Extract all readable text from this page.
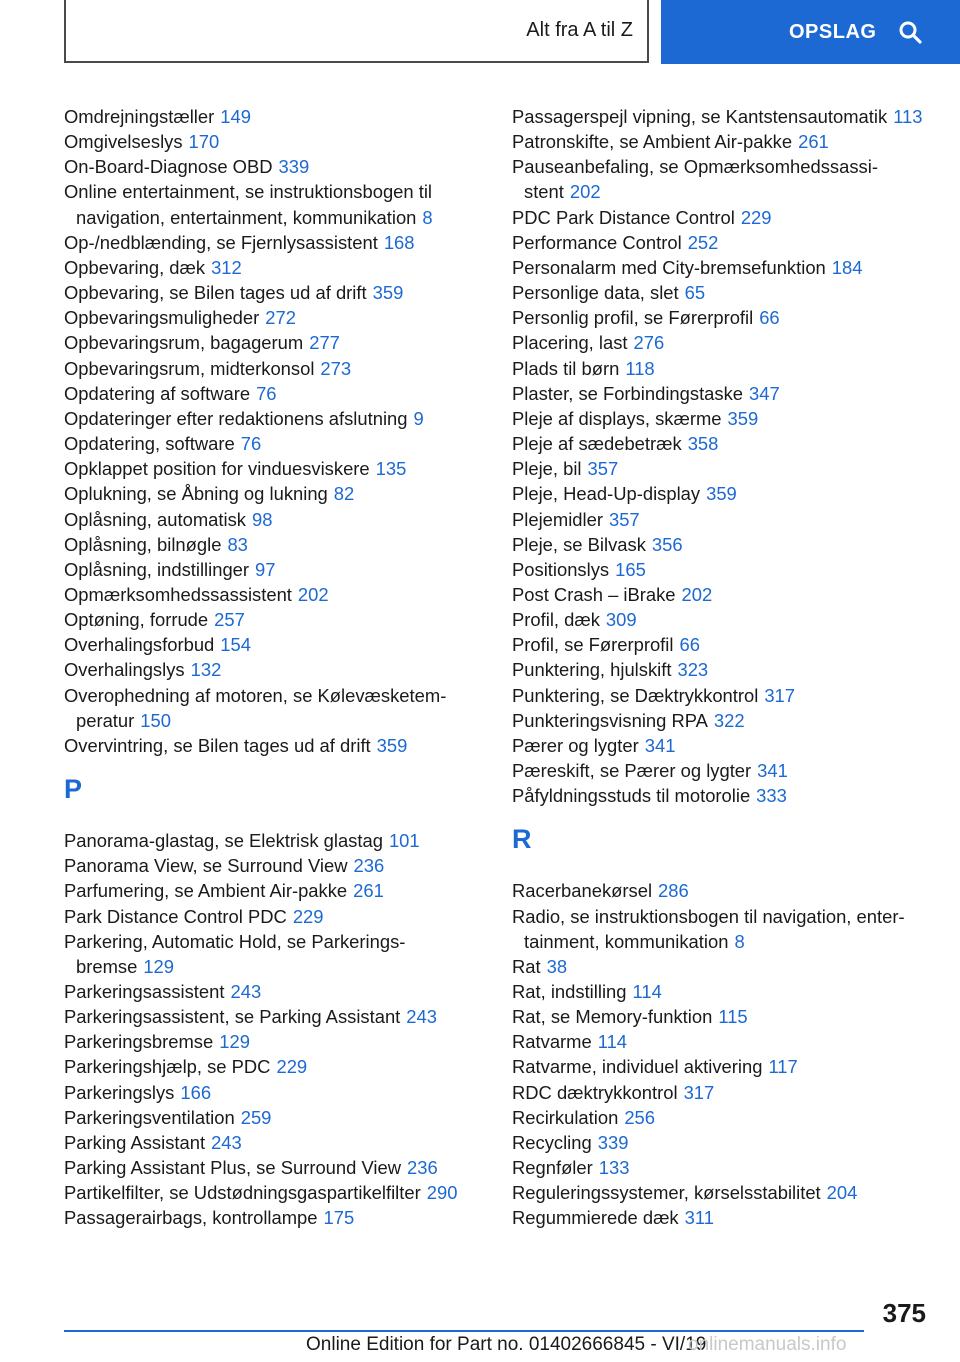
Alt fra A til Z	OPSLAG
Omdrejningstæller 149
Omgivelseslys 170
On-Board-Diagnose OBD 339
Online entertainment, se instruktionsbogen til navigation, entertainment, kommunikation 8
Op-/nedblænding, se Fjernlysassistent 168
Opbevaring, dæk 312
Opbevaring, se Bilen tages ud af drift 359
Opbevaringsmuligheder 272
Opbevaringsrum, bagagerum 277
Opbevaringsrum, midterkonsol 273
Opdatering af software 76
Opdateringer efter redaktionens afslutning 9
Opdatering, software 76
Opklappet position for vinduesviskere 135
Oplukning, se Åbning og lukning 82
Oplåsning, automatisk 98
Oplåsning, bilnøgle 83
Oplåsning, indstillinger 97
Opmærksomhedssassistent 202
Optøning, forrude 257
Overhalingsforbud 154
Overhalingslys 132
Overophedning af motoren, se Kølevæsketemperatur 150
Overvintring, se Bilen tages ud af drift 359
P
Panorama-glastag, se Elektrisk glastag 101
Panorama View, se Surround View 236
Parfumering, se Ambient Air-pakke 261
Park Distance Control PDC 229
Parkering, Automatic Hold, se Parkeringsbremse 129
Parkeringsassistent 243
Parkeringsassistent, se Parking Assistant 243
Parkeringsbremse 129
Parkeringshjælp, se PDC 229
Parkeringslys 166
Parkeringsventilation 259
Parking Assistant 243
Parking Assistant Plus, se Surround View 236
Partikelfilter, se Udstødningsgaspartikelfilter 290
Passagerairbags, kontrollampe 175
Passagerspejl vipning, se Kantstensautomatik 113
Patronskifte, se Ambient Air-pakke 261
Pauseanbefaling, se Opmærksomhedssassistent 202
PDC Park Distance Control 229
Performance Control 252
Personalarm med City-bremsefunktion 184
Personlige data, slet 65
Personlig profil, se Førerprofil 66
Placering, last 276
Plads til børn 118
Plaster, se Forbindingstaske 347
Pleje af displays, skærme 359
Pleje af sædebetræk 358
Pleje, bil 357
Pleje, Head-Up-display 359
Plejemidler 357
Pleje, se Bilvask 356
Positionslys 165
Post Crash – iBrake 202
Profil, dæk 309
Profil, se Førerprofil 66
Punktering, hjulskift 323
Punktering, se Dæktrykkontrol 317
Punkteringsvisning RPA 322
Pærer og lygter 341
Pæreskift, se Pærer og lygter 341
Påfyldningsstuds til motorolie 333
R
Racerbanekørsel 286
Radio, se instruktionsbogen til navigation, entertainment, kommunikation 8
Rat 38
Rat, indstilling 114
Rat, se Memory-funktion 115
Ratvarme 114
Ratvarme, individuel aktivering 117
RDC dæktrykkontrol 317
Recirkulation 256
Recycling 339
Regnføler 133
Reguleringssystemer, kørselsstabilitet 204
Regummierede dæk 311
375
Online Edition for Part no. 01402666845 - VI/19
onlinemanuals.info
